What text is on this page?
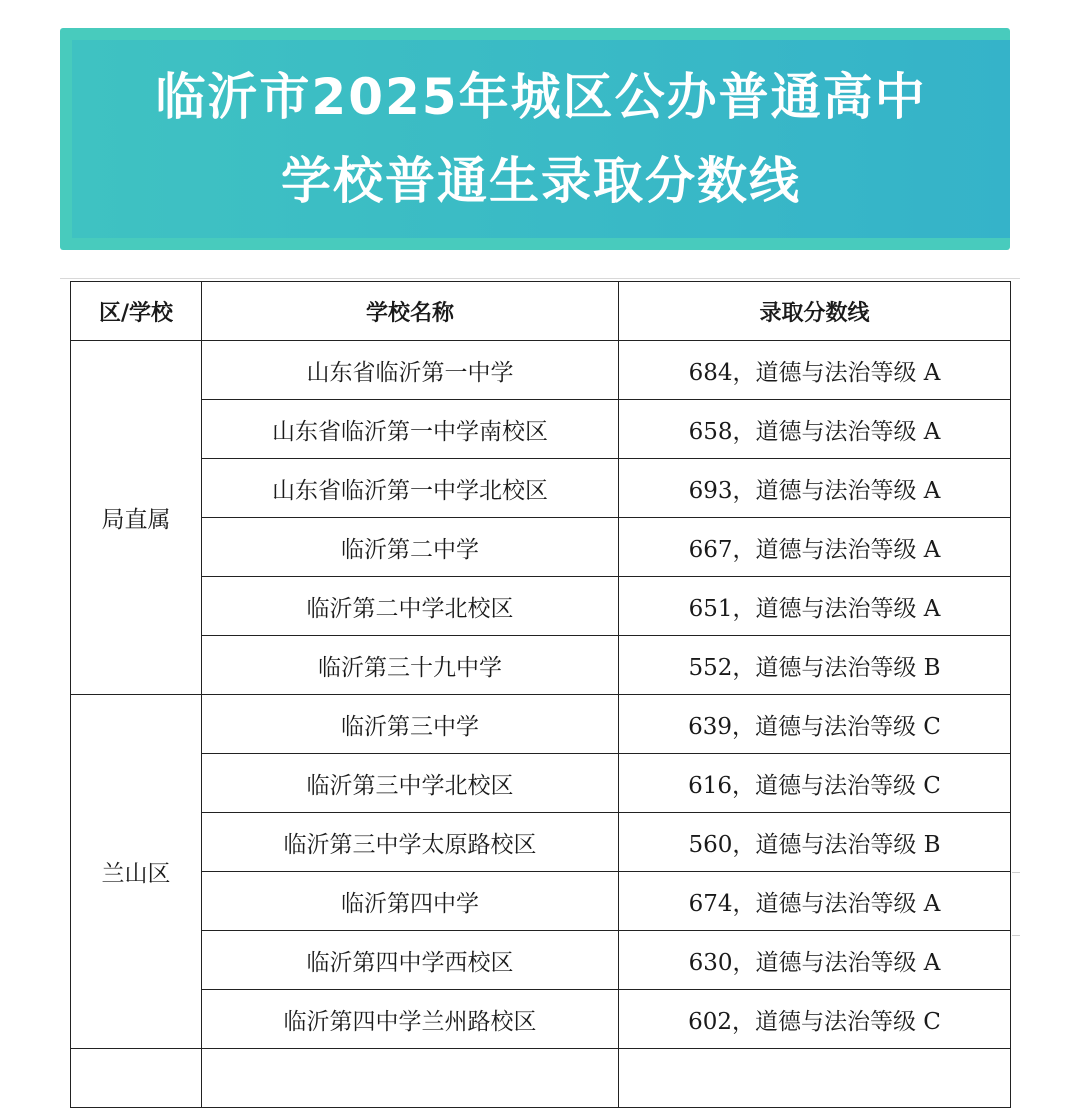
临沂市2025年城区公办普通高中
学校普通生录取分数线
区/学校	学校名称	录取分数线
局直属	山东省临沂第一中学	684，道德与法治等级 A
	山东省临沂第一中学南校区	658，道德与法治等级 A
	山东省临沂第一中学北校区	693，道德与法治等级 A
	临沂第二中学	667，道德与法治等级 A
	临沂第二中学北校区	651，道德与法治等级 A
	临沂第三十九中学	552，道德与法治等级 B
兰山区	临沂第三中学	639，道德与法治等级 C
	临沂第三中学北校区	616，道德与法治等级 C
	临沂第三中学太原路校区	560，道德与法治等级 B
	临沂第四中学	674，道德与法治等级 A
	临沂第四中学西校区	630，道德与法治等级 A
	临沂第四中学兰州路校区	602，道德与法治等级 C
